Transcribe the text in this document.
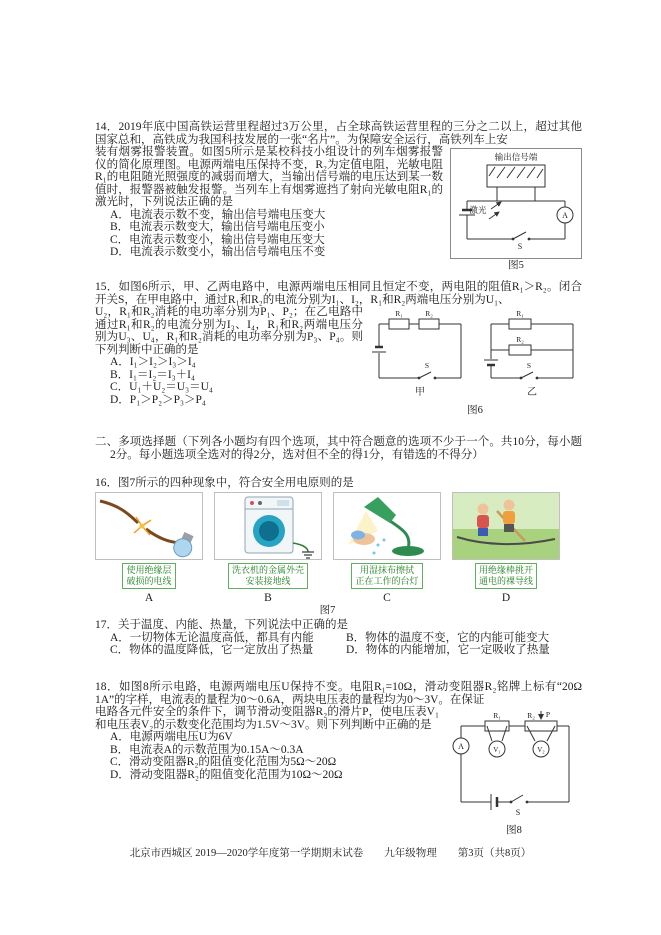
14．2019年底中国高铁运营里程超过3万公里，占全球高铁运营里程的三分之二以上，超过其他国家总和，高铁成为我国科技发展的一张“名片”。为保障安全运行，高铁列车上安

输出信号端
A
激光
S
图5

装有烟雾报警装置。如图5所示是某校科技小组设计的列车烟雾报警仪的简化原理图。电源两端电压保持不变，R₂为定值电阻，光敏电阻R₁的电阻随光照强度的减弱而增大，当输出信号端的电压达到某一数值时，报警器被触发报警。当列车上有烟雾遮挡了射向光敏电阻R₁的激光时，下列说法正确的是

A．电流表示数不变，输出信号端电压变大
B．电流表示数变大，输出信号端电压变小
C．电流表示数变小，输出信号端电压变大
D．电流表示数变小，输出信号端电压不变

15．如图6所示，甲、乙两电路中，电源两端电压相同且恒定不变，两电阻的阻值R₁＞R₂。闭合开关S，在甲电路中，通过R₁和R₂的电流分别为I₁、I₂，R₁和R₂两端电压分别为U₁、

R₁	R₂
S
甲
R₁
R₂
S
乙
图6

U₂，R₁和R₂消耗的电功率分别为P₁、P₂；在乙电路中通过R₁和R₂的电流分别为I₃、I₄，R₁和R₂两端电压分别为U₃、U₄，R₁和R₂消耗的电功率分别为P₃、P₄。则下列判断中正确的是

A．I₁＞I₂＞I₃＞I₄
B．I₁＝I₂＝I₃＋I₄
C．U₁＋U₂＝U₃＝U₄
D．P₁＞P₂＞P₃＞P₄

二、多项选择题（下列各小题均有四个选项，其中符合题意的选项不少于一个。共10分，每小题2分。每小题选项全选对的得2分，选对但不全的得1分，有错选的不得分）

16．图7所示的四种现象中，符合安全用电原则的是

使用绝缘层
破损的电线
A
洗衣机的金属外壳
安装接地线
B
用湿抹布擦拭
正在工作的台灯
C
用绝缘棒挑开
通电的裸导线
D
图7

17．关于温度、内能、热量，下列说法中正确的是

A．一切物体无论温度高低，都具有内能	B．物体的温度不变，它的内能可能变大
C．物体的温度降低，它一定放出了热量	D．物体的内能增加，它一定吸收了热量

18．如图8所示电路，电源两端电压U保持不变。电阻R₁=10Ω，滑动变阻器R₂铭牌上标有“20Ω 1A”的字样，电流表的量程为0～0.6A，两块电压表的量程均为0～3V。在保证

A
R₁	R₂ P
V₁	V₂
S
图8

电路各元件安全的条件下，调节滑动变阻器R₂的滑片P，使电压表V₁和电压表V₂的示数变化范围均为1.5V～3V。则下列判断中正确的是

A．电源两端电压U为6V
B．电流表A的示数范围为0.15A～0.3A
C．滑动变阻器R₂的阻值变化范围为5Ω～20Ω
D．滑动变阻器R₂的阻值变化范围为10Ω～20Ω
北京市西城区 2019—2020学年度第一学期期末试卷　　九年级物理　　第3页（共8页）
